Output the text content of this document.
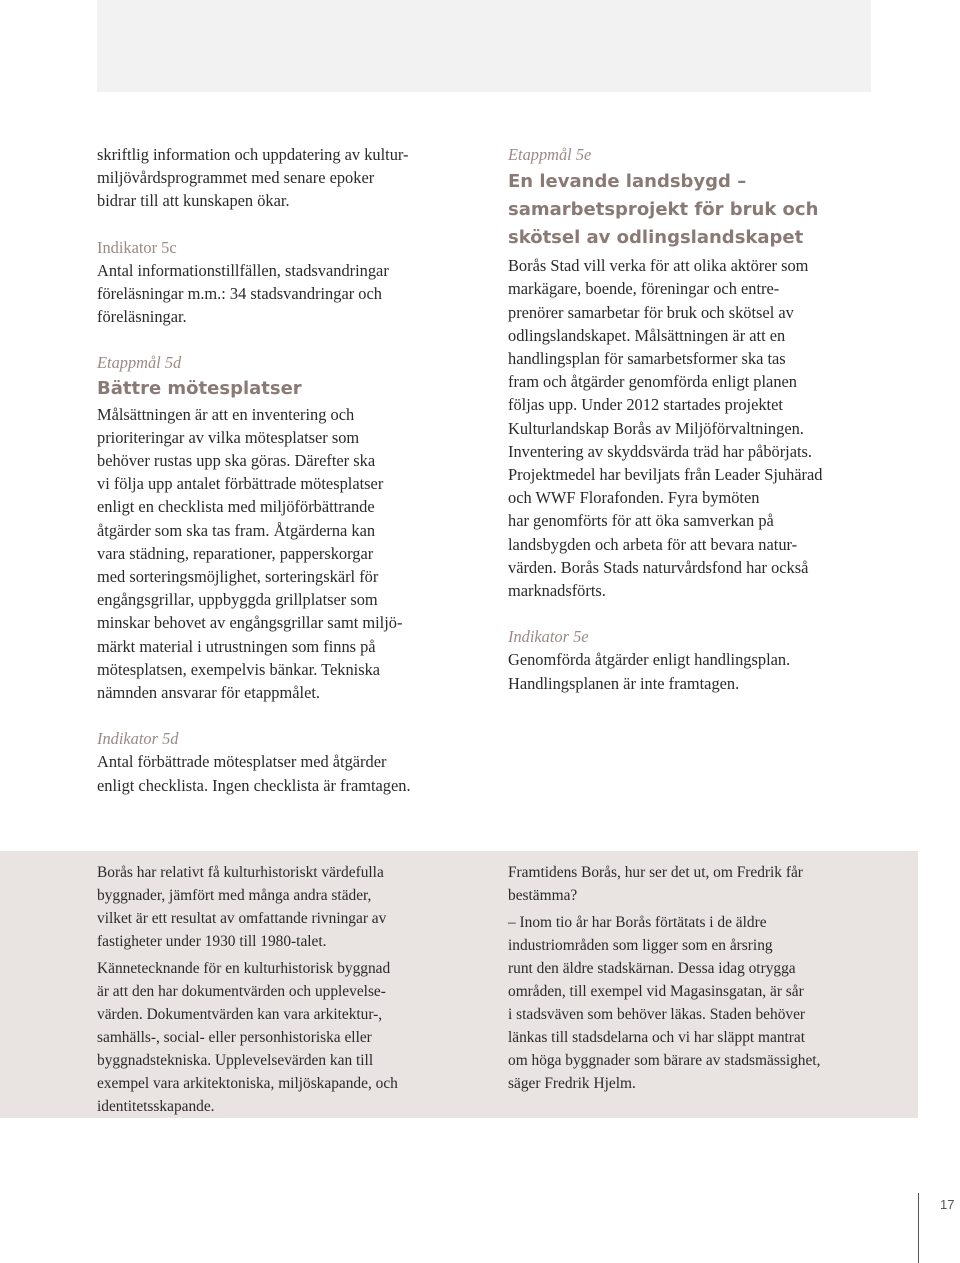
skriftlig information och uppdatering av kultur-
miljövårdsprogrammet med senare epoker
bidrar till att kunskapen ökar.

Indikator 5c

Antal informationstillfällen, stadsvandringar
föreläsningar m.m.: 34 stadsvandringar och
föreläsningar.

Etappmål 5d

Bättre mötesplatser

Målsättningen är att en inventering och
prioriteringar av vilka mötesplatser som
behöver rustas upp ska göras. Därefter ska
vi följa upp antalet förbättrade mötesplatser
enligt en checklista med miljöförbättrande
åtgärder som ska tas fram. Åtgärderna kan
vara städning, reparationer, papperskorgar
med sorteringsmöjlighet, sorteringskärl för
engångsgrillar, uppbyggda grillplatser som
minskar behovet av engångsgrillar samt miljö-
märkt material i utrustningen som finns på
mötesplatsen, exempelvis bänkar. Tekniska
nämnden ansvarar för etappmålet.

Indikator 5d

Antal förbättrade mötesplatser med åtgärder
enligt checklista. Ingen checklista är framtagen.

Etappmål 5e

En levande landsbygd –
samarbetsprojekt för bruk och
skötsel av odlingslandskapet
Borås Stad vill verka för att olika aktörer som
markägare, boende, föreningar och entre-
prenörer samarbetar för bruk och skötsel av
odlingslandskapet. Målsättningen är att en
handlingsplan för samarbetsformer ska tas
fram och åtgärder genomförda enligt planen
följas upp. Under 2012 startades projektet
Kulturlandskap Borås av Miljöförvaltningen.
Inventering av skyddsvärda träd har påbörjats.
Projektmedel har beviljats från Leader Sjuhärad
och WWF Florafonden. Fyra bymöten
har genomförts för att öka samverkan på
landsbygden och arbeta för att bevara natur-
värden. Borås Stads naturvårdsfond har också
marknadsförts.

Indikator 5e

Genomförda åtgärder enligt handlingsplan.
Handlingsplanen är inte framtagen.
Borås har relativt få kulturhistoriskt värdefulla
byggnader, jämfört med många andra städer,
vilket är ett resultat av omfattande rivningar av
fastigheter under 1930 till 1980-talet.
Kännetecknande för en kulturhistorisk byggnad
är att den har dokumentvärden och upplevelse-
värden. Dokumentvärden kan vara arkitektur-,
samhälls-, social- eller personhistoriska eller
byggnadstekniska. Upplevelsevärden kan till
exempel vara arkitektoniska, miljöskapande, och
identitetsskapande.
Framtidens Borås, hur ser det ut, om Fredrik får
bestämma?
– Inom tio år har Borås förtätats i de äldre
industriområden som ligger som en årsring
runt den äldre stadskärnan. Dessa idag otrygga
områden, till exempel vid Magasinsgatan, är sår
i stadsväven som behöver läkas. Staden behöver
länkas till stadsdelarna och vi har släppt mantrat
om höga byggnader som bärare av stadsmässighet,
säger Fredrik Hjelm.
17
